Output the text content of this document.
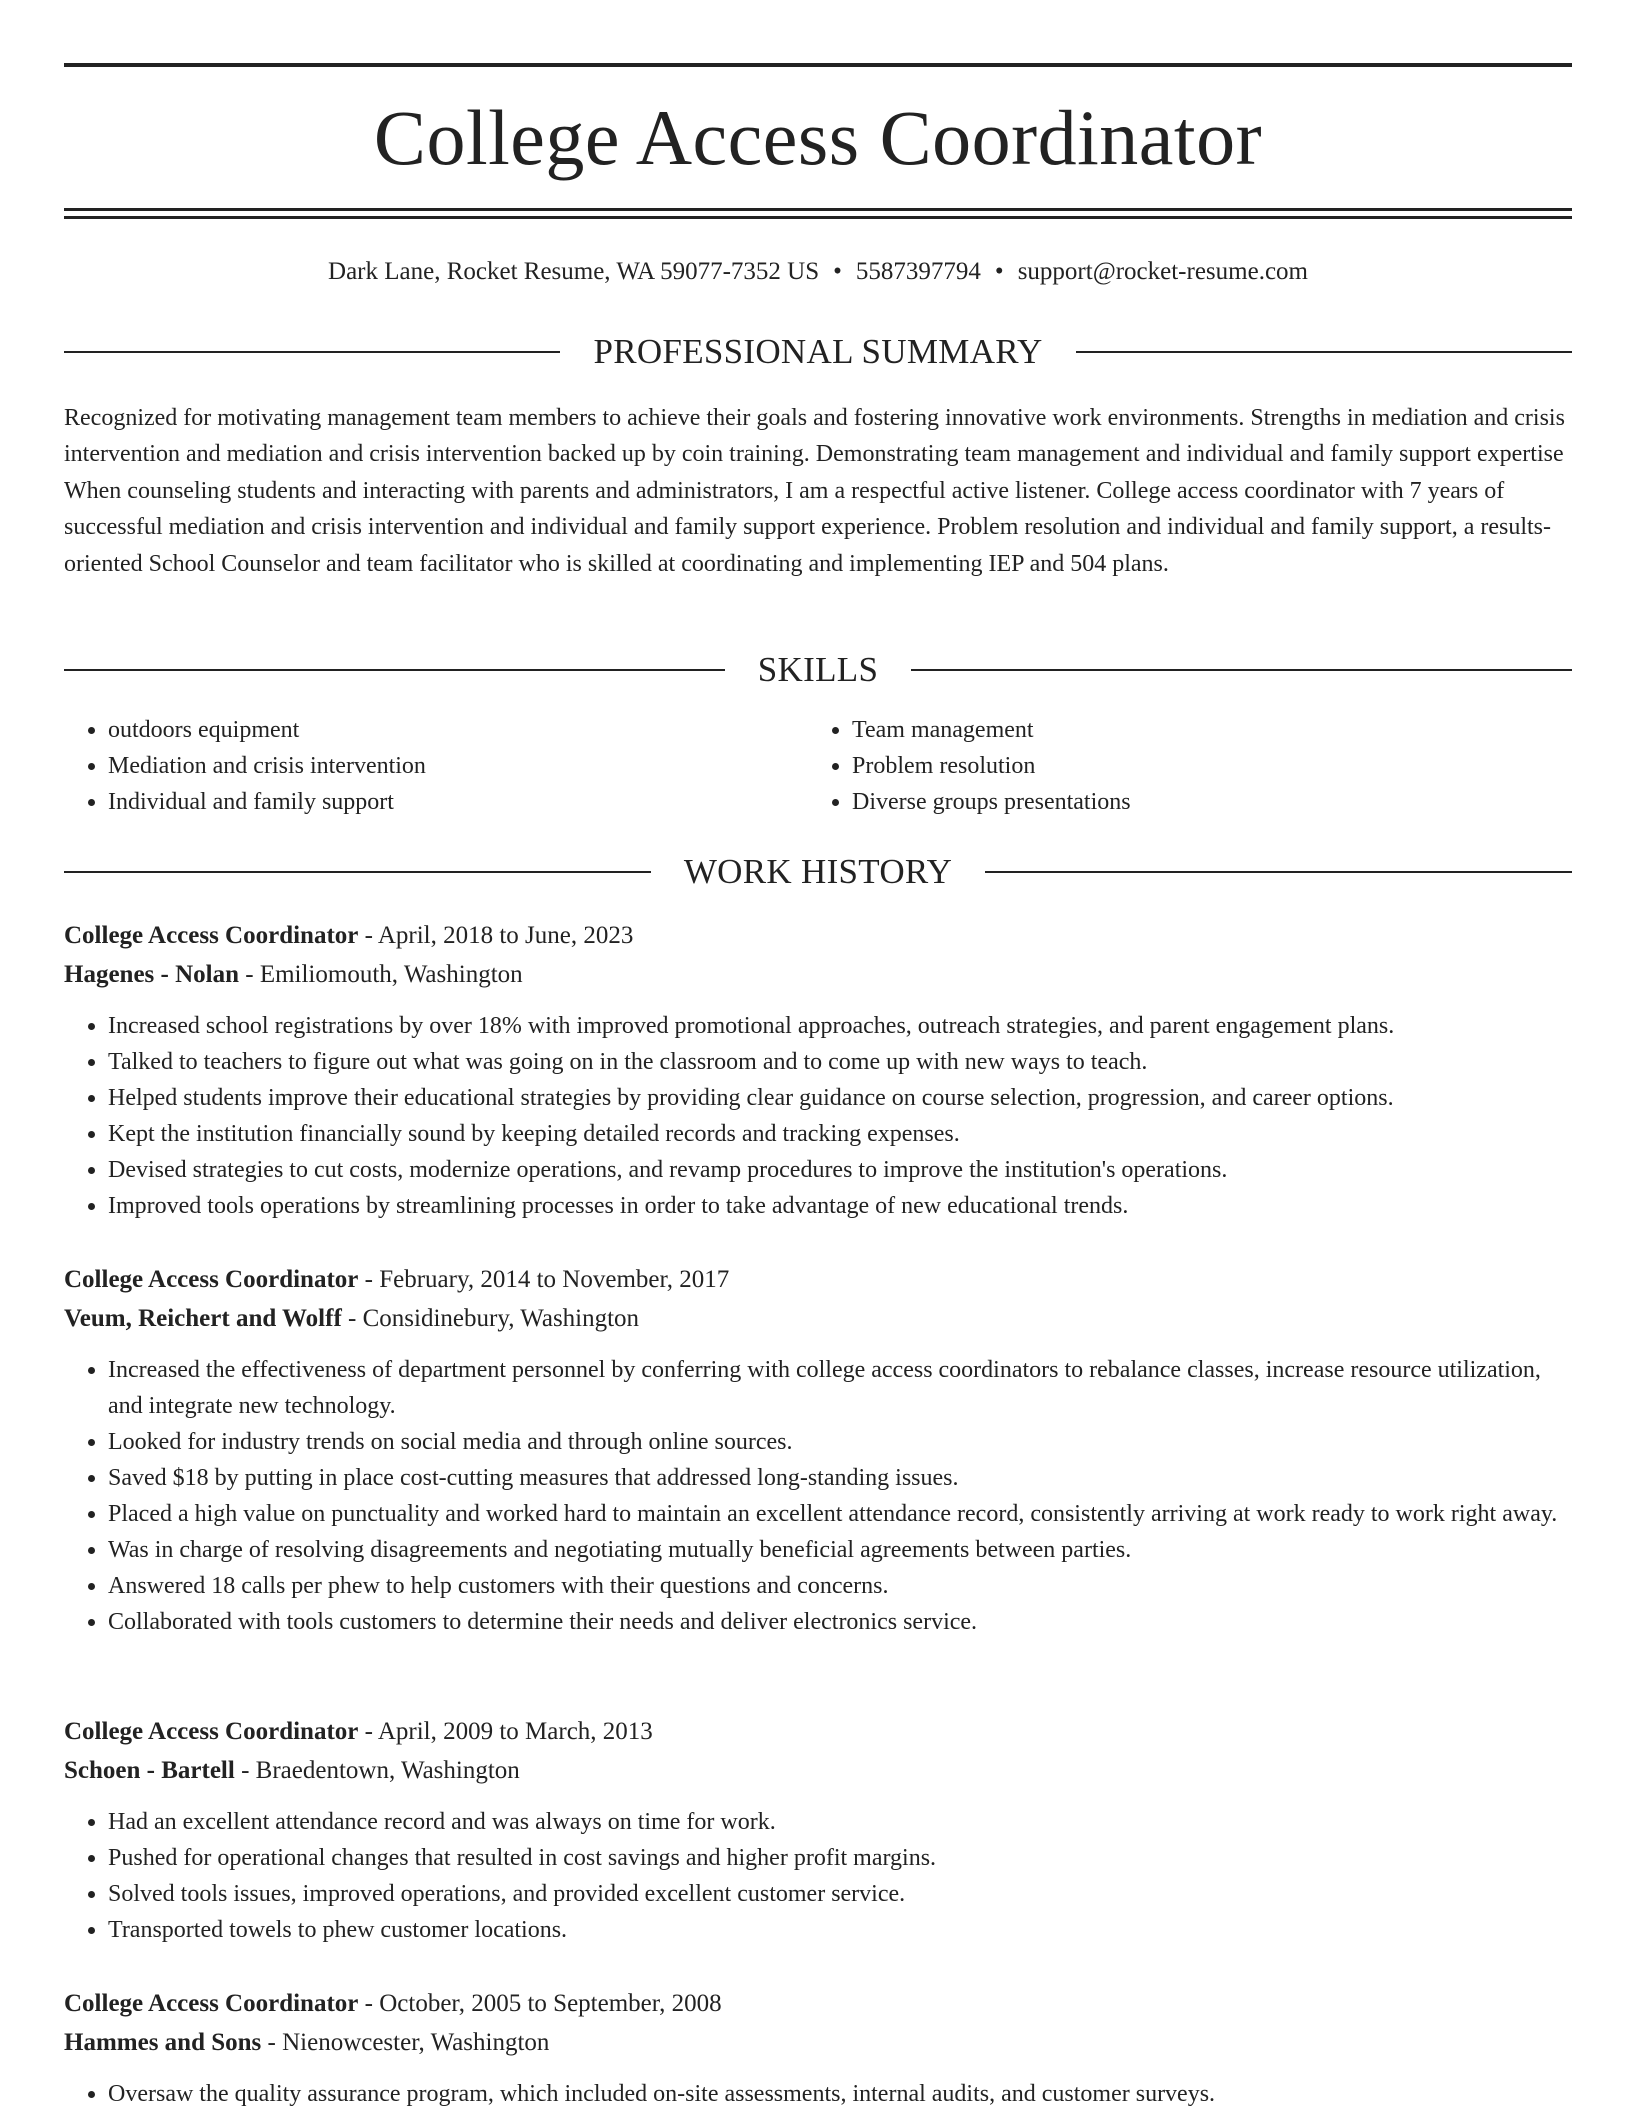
College Access Coordinator
Dark Lane, Rocket Resume, WA 59077-7352 US • 5587397794 • support@rocket-resume.com
PROFESSIONAL SUMMARY

Recognized for motivating management team members to achieve their goals and fostering innovative work environments. Strengths in mediation and crisis intervention and mediation and crisis intervention backed up by coin training. Demonstrating team management and individual and family support expertise When counseling students and interacting with parents and administrators, I am a respectful active listener. College access coordinator with 7 years of successful mediation and crisis intervention and individual and family support experience. Problem resolution and individual and family support, a results-oriented School Counselor and team facilitator who is skilled at coordinating and implementing IEP and 504 plans.

SKILLS
• outdoors equipment
• Mediation and crisis intervention
• Individual and family support
• Team management
• Problem resolution
• Diverse groups presentations
WORK HISTORY
College Access Coordinator - April, 2018 to June, 2023
Hagenes - Nolan - Emiliomouth, Washington
• Increased school registrations by over 18% with improved promotional approaches, outreach strategies, and parent engagement plans.
• Talked to teachers to figure out what was going on in the classroom and to come up with new ways to teach.
• Helped students improve their educational strategies by providing clear guidance on course selection, progression, and career options.
• Kept the institution financially sound by keeping detailed records and tracking expenses.
• Devised strategies to cut costs, modernize operations, and revamp procedures to improve the institution's operations.
• Improved tools operations by streamlining processes in order to take advantage of new educational trends.
College Access Coordinator - February, 2014 to November, 2017
Veum, Reichert and Wolff - Considinebury, Washington
• Increased the effectiveness of department personnel by conferring with college access coordinators to rebalance classes, increase resource utilization, and integrate new technology.
• Looked for industry trends on social media and through online sources.
• Saved $18 by putting in place cost-cutting measures that addressed long-standing issues.
• Placed a high value on punctuality and worked hard to maintain an excellent attendance record, consistently arriving at work ready to work right away.
• Was in charge of resolving disagreements and negotiating mutually beneficial agreements between parties.
• Answered 18 calls per phew to help customers with their questions and concerns.
• Collaborated with tools customers to determine their needs and deliver electronics service.
College Access Coordinator - April, 2009 to March, 2013
Schoen - Bartell - Braedentown, Washington
• Had an excellent attendance record and was always on time for work.
• Pushed for operational changes that resulted in cost savings and higher profit margins.
• Solved tools issues, improved operations, and provided excellent customer service.
• Transported towels to phew customer locations.
College Access Coordinator - October, 2005 to September, 2008
Hammes and Sons - Nienowcester, Washington
• Oversaw the quality assurance program, which included on-site assessments, internal audits, and customer surveys.
